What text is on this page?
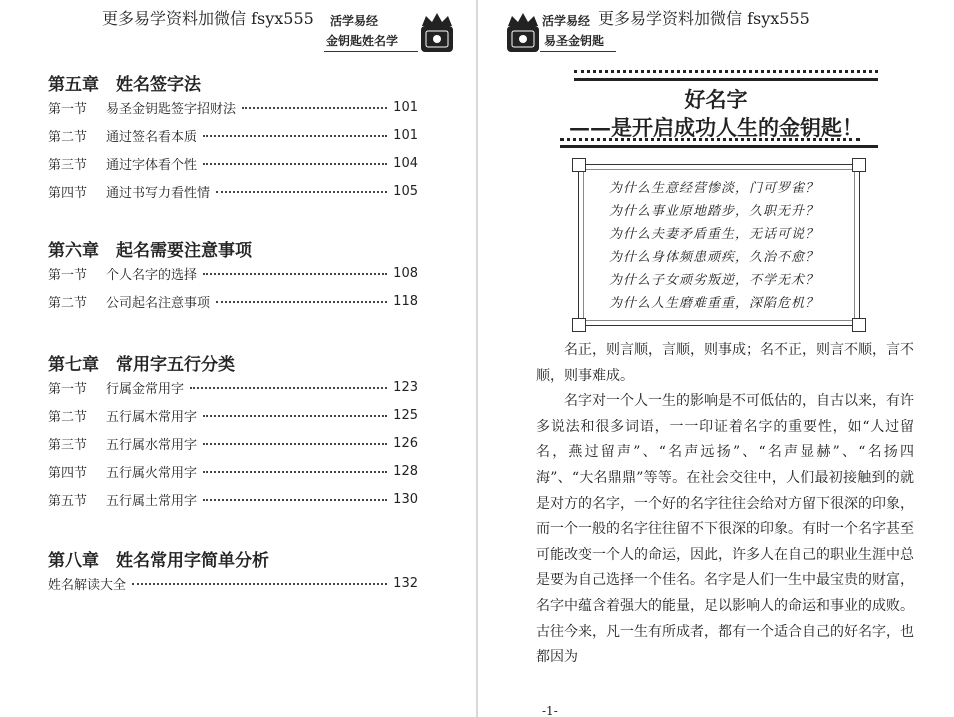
更多易学资料加微信 fsyx555 活学易经
金钥匙姓名学
第五章　姓名签字法
第一节	易圣金钥匙签字招财法	101
第二节	通过签名看本质	101
第三节	通过字体看个性	104
第四节	通过书写力看性情	105
第六章　起名需要注意事项
第一节	个人名字的选择	108
第二节	公司起名注意事项	118
第七章　常用字五行分类
第一节	行属金常用字	123
第二节	五行属木常用字	125
第三节	五行属水常用字	126
第四节	五行属火常用字	128
第五节	五行属土常用字	130
第八章　姓名常用字简单分析
姓名解读大全	132
活学易经
易圣金钥匙
更多易学资料加微信 fsyx555
好名字
——是开启成功人生的金钥匙！
为什么生意经营惨淡，门可罗雀？
为什么事业原地踏步，久职无升？
为什么夫妻矛盾重生，无话可说？
为什么身体频患顽疾，久治不愈？
为什么子女顽劣叛逆，不学无术？
为什么人生磨难重重，深陷危机？

名正，则言顺，言顺，则事成；名不正，则言不顺，言不顺，则事难成。

名字对一个人一生的影响是不可低估的，自古以来，有许多说法和很多词语，一一印证着名字的重要性，如“人过留名，燕过留声”、“名声远扬”、“名声显赫”、“名扬四海”、“大名鼎鼎”等等。在社会交往中，人们最初接触到的就是对方的名字，一个好的名字往往会给对方留下很深的印象，而一个一般的名字往往留不下很深的印象。有时一个名字甚至可能改变一个人的命运，因此，许多人在自己的职业生涯中总是要为自己选择一个佳名。名字是人们一生中最宝贵的财富，名字中蕴含着强大的能量，足以影响人的命运和事业的成败。古往今来，凡一生有所成者，都有一个适合自己的好名字，也都因为

-1-
